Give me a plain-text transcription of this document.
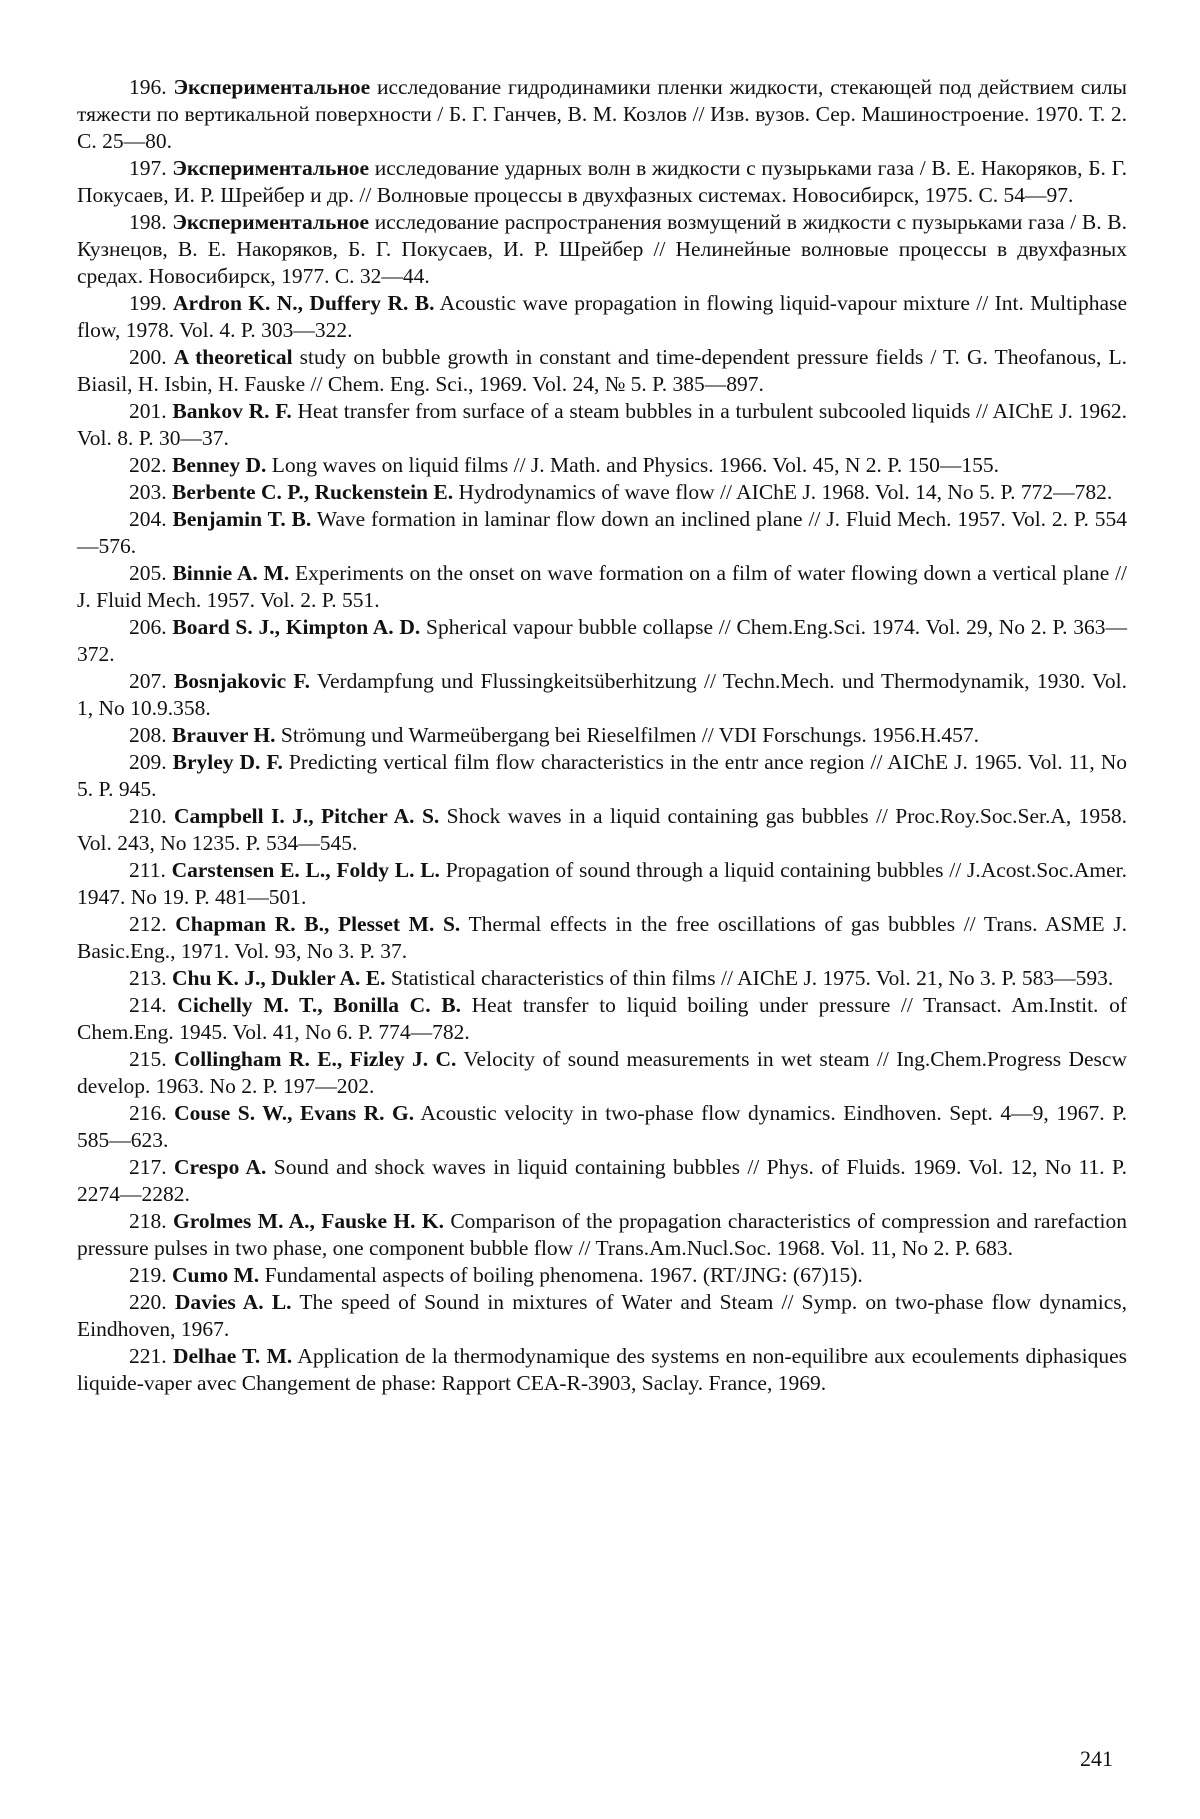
196. Экспериментальное исследование гидродинамики пленки жидкости, стекающей под действием силы тяжести по вертикальной поверхности / Б. Г. Ганчев, В. М. Козлов // Изв. вузов. Сер. Машиностроение. 1970. Т. 2. С. 25—80.

197. Экспериментальное исследование ударных волн в жидкости с пузырьками газа / В. Е. Накоряков, Б. Г. Покусаев, И. Р. Шрейбер и др. // Волновые процессы в двухфазных системах. Новосибирск, 1975. С. 54—97.

198. Экспериментальное исследование распространения возмущений в жидкости с пузырьками газа / В. В. Кузнецов, В. Е. Накоряков, Б. Г. Покусаев, И. Р. Шрейбер // Нелинейные волновые процессы в двухфазных средах. Новосибирск, 1977. С. 32—44.

199. Ardron K. N., Duffery R. B. Acoustic wave propagation in flowing liquid-vapour mixture // Int. Multiphase flow, 1978. Vol. 4. P. 303—322.

200. A theoretical study on bubble growth in constant and time-dependent pressure fields / T. G. Theofanous, L. Biasil, H. Isbin, H. Fauske // Chem. Eng. Sci., 1969. Vol. 24, № 5. P. 385—897.

201. Bankov R. F. Heat transfer from surface of a steam bubbles in a turbulent subcooled liquids // AIChE J. 1962. Vol. 8. P. 30—37.

202. Benney D. Long waves on liquid films // J. Math. and Physics. 1966. Vol. 45, N 2. P. 150—155.

203. Berbente C. P., Ruckenstein E. Hydrodynamics of wave flow // AIChE J. 1968. Vol. 14, No 5. P. 772—782.

204. Benjamin T. B. Wave formation in laminar flow down an inclined plane // J. Fluid Mech. 1957. Vol. 2. P. 554—576.

205. Binnie A. M. Experiments on the onset on wave formation on a film of water flowing down a vertical plane // J. Fluid Mech. 1957. Vol. 2. P. 551.

206. Board S. J., Kimpton A. D. Spherical vapour bubble collapse // Chem.Eng.Sci. 1974. Vol. 29, No 2. P. 363—372.

207. Bosnjakovic F. Verdampfung und Flussingkeitsüberhitzung // Techn.Mech. und Thermodynamik, 1930. Vol. 1, No 10.9.358.

208. Brauver H. Strömung und Warmeübergang bei Rieselfilmen // VDI Forschungs. 1956.H.457.

209. Bryley D. F. Predicting vertical film flow characteristics in the entr ance region // AIChE J. 1965. Vol. 11, No 5. P. 945.

210. Campbell I. J., Pitcher A. S. Shock waves in a liquid containing gas bubbles // Proc.Roy.Soc.Ser.A, 1958. Vol. 243, No 1235. P. 534—545.

211. Carstensen E. L., Foldy L. L. Propagation of sound through a liquid containing bubbles // J.Acost.Soc.Amer. 1947. No 19. P. 481—501.

212. Chapman R. B., Plesset M. S. Thermal effects in the free oscillations of gas bubbles // Trans. ASME J. Basic.Eng., 1971. Vol. 93, No 3. P. 37.

213. Chu K. J., Dukler A. E. Statistical characteristics of thin films // AIChE J. 1975. Vol. 21, No 3. P. 583—593.

214. Cichelly M. T., Bonilla C. B. Heat transfer to liquid boiling under pressure // Transact. Am.Instit. of Chem.Eng. 1945. Vol. 41, No 6. P. 774—782.

215. Collingham R. E., Fizley J. C. Velocity of sound measurements in wet steam // Ing.Chem.Progress Descw develop. 1963. No 2. P. 197—202.

216. Couse S. W., Evans R. G. Acoustic velocity in two-phase flow dynamics. Eindhoven. Sept. 4—9, 1967. P. 585—623.

217. Crespo A. Sound and shock waves in liquid containing bubbles // Phys. of Fluids. 1969. Vol. 12, No 11. P. 2274—2282.

218. Grolmes M. A., Fauske H. K. Comparison of the propagation characteristics of compression and rarefaction pressure pulses in two phase, one component bubble flow // Trans.Am.Nucl.Soc. 1968. Vol. 11, No 2. P. 683.

219. Cumo M. Fundamental aspects of boiling phenomena. 1967. (RT/JNG: (67)15).

220. Davies A. L. The speed of Sound in mixtures of Water and Steam // Symp. on two-phase flow dynamics, Eindhoven, 1967.

221. Delhae T. M. Application de la thermodynamique des systems en non-equilibre aux ecoulements diphasiques liquide-vaper avec Changement de phase: Rapport CEA-R-3903, Saclay. France, 1969.

241
